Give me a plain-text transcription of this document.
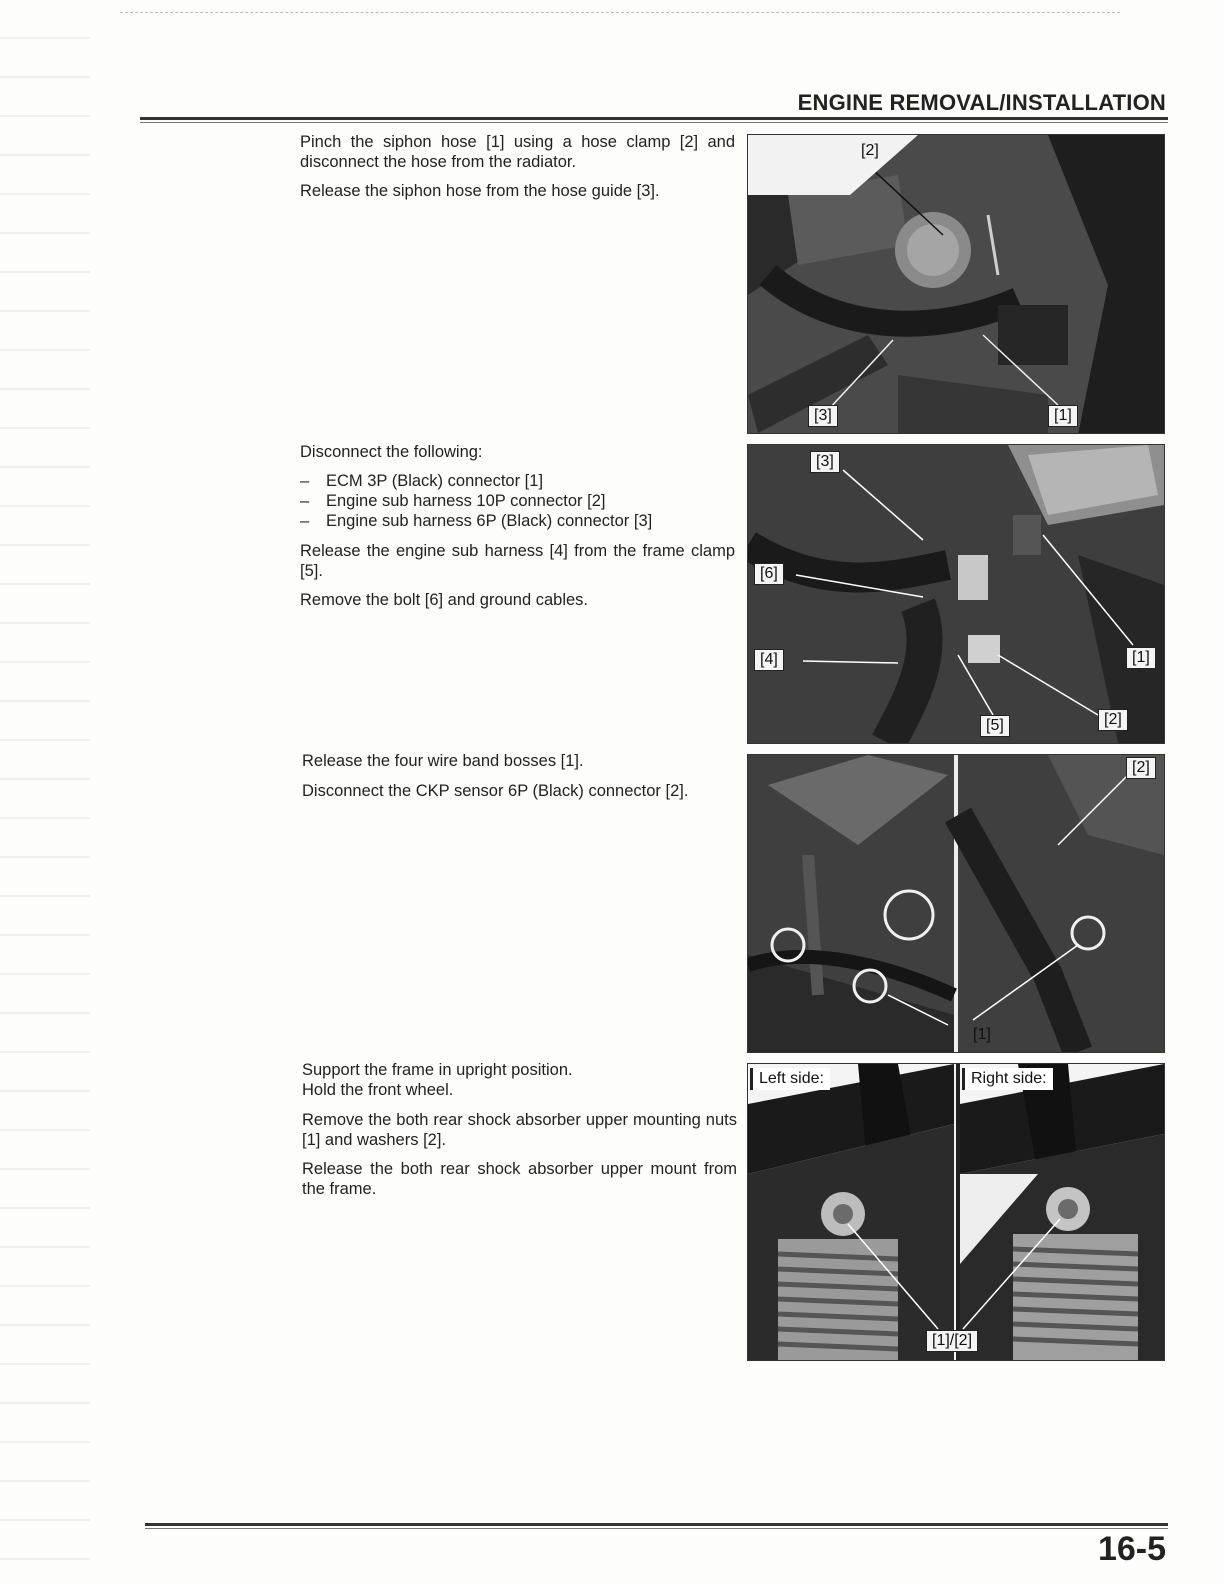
ENGINE REMOVAL/INSTALLATION

Pinch the siphon hose [1] using a hose clamp [2] and disconnect the hose from the radiator.

Release the siphon hose from the hose guide [3].

[2]
[3]	[1]

Disconnect the following:

– ECM 3P (Black) connector [1]
– Engine sub harness 10P connector [2]
– Engine sub harness 6P (Black) connector [3]

Release the engine sub harness [4] from the frame clamp [5].

Remove the bolt [6] and ground cables.

[3]
[6]
[4]	[1]
[5]	[2]

Release the four wire band bosses [1].

Disconnect the CKP sensor 6P (Black) connector [2].

[2]
[1]

Support the frame in upright position.

Hold the front wheel.

Remove the both rear shock absorber upper mounting nuts [1] and washers [2].

Release the both rear shock absorber upper mount from the frame.

Left side:	Right side:
[1]/[2]
16-5
